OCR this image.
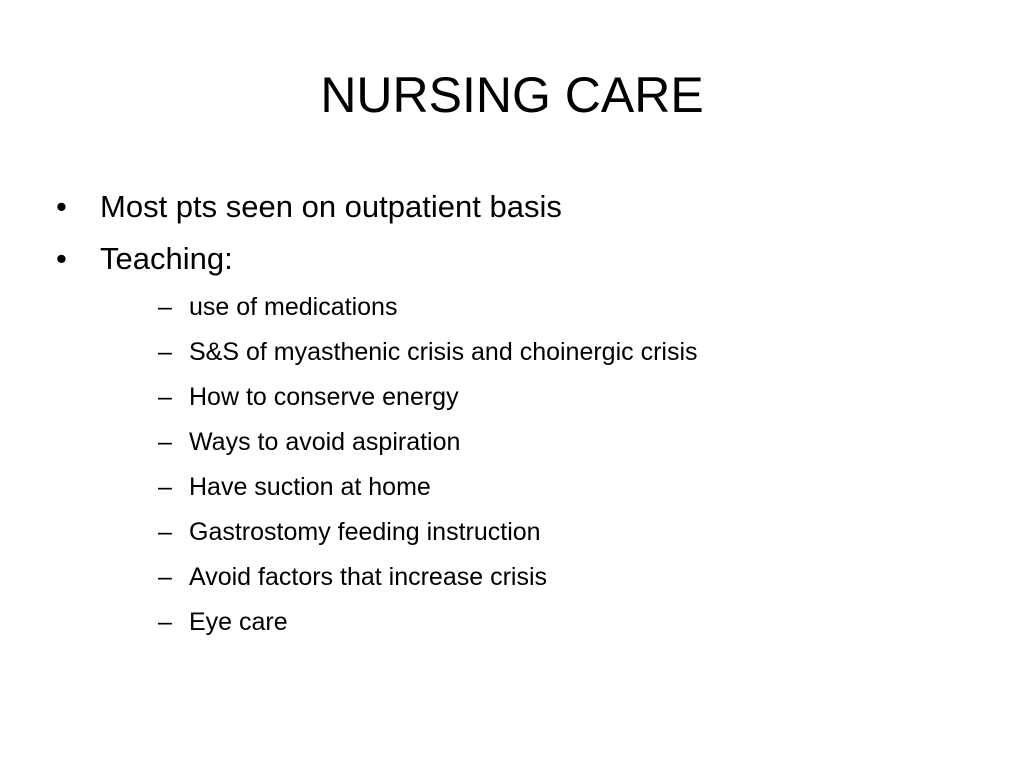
NURSING CARE
•	Most pts seen on outpatient basis
•	Teaching:
– use of medications
– S&S of myasthenic crisis and choinergic crisis
– How to conserve energy
– Ways to avoid aspiration
– Have suction at home
– Gastrostomy feeding instruction
– Avoid factors that increase crisis
– Eye care
